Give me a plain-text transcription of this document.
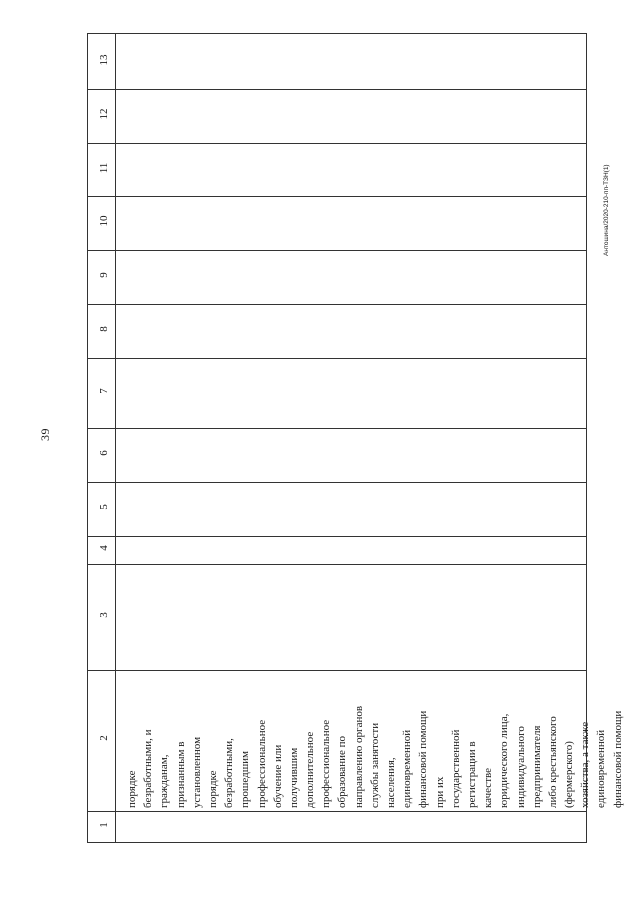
39
Антошина/2020-210-пп-ТЗН(1)
13
12
11
10
9
8
7
6
5
4
3
2
1
порядке безработными, и гражданам, признанным в установленном порядке безработными, прошедшим профессиональное обучение или получившим дополнительное профессиональное образование по направлению органов службы занятости населения, единовременной финансовой помощи при их государственной регистрации в качестве юридического лица, индивидуального предпринимателя либо крестьянского (фермерского) хозяйства, а также единовременной финансовой помощи
